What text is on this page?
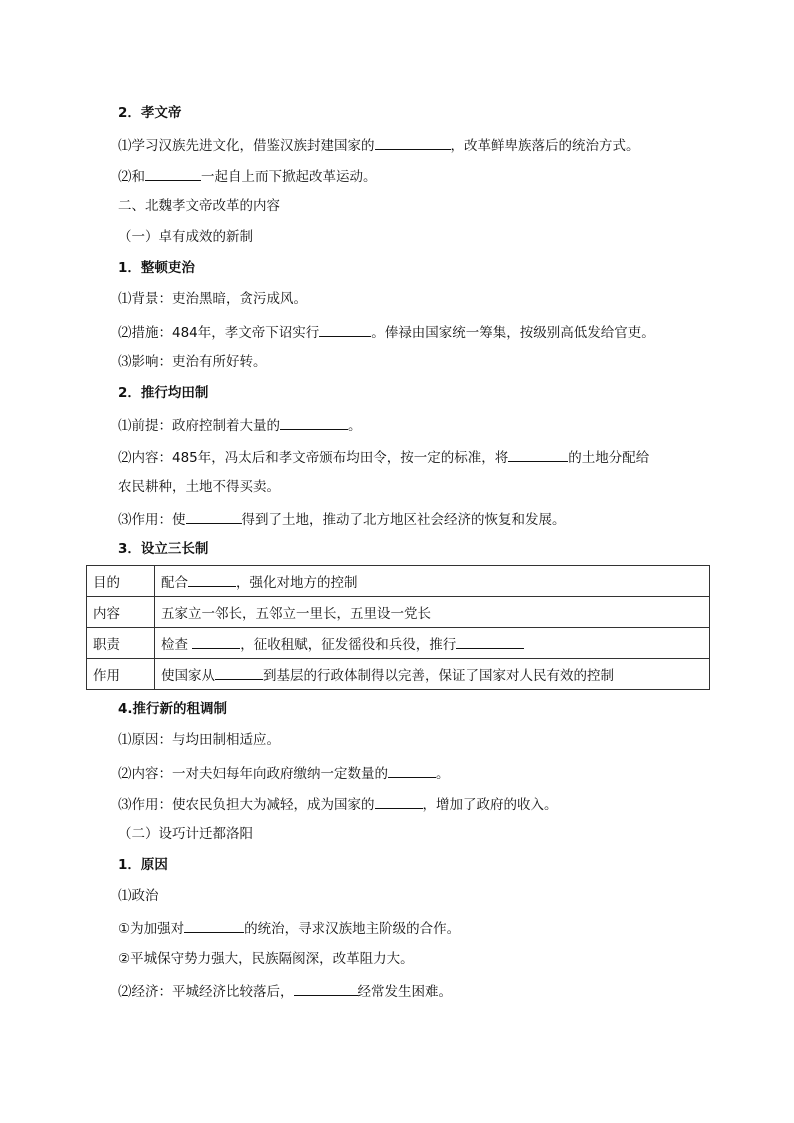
2．孝文帝
⑴学习汉族先进文化，借鉴汉族封建国家的	，改革鲜卑族落后的统治方式。
⑵和	一起自上而下掀起改革运动。
二、北魏孝文帝改革的内容
（一）卓有成效的新制
1．整顿吏治
⑴背景：吏治黑暗，贪污成风。
⑵措施：484年，孝文帝下诏实行	。俸禄由国家统一筹集，按级别高低发给官吏。
⑶影响：吏治有所好转。
2．推行均田制
⑴前提：政府控制着大量的	。
⑵内容：485年，冯太后和孝文帝颁布均田令，按一定的标准，将	的土地分配给
农民耕种，土地不得买卖。
⑶作用：使	得到了土地，推动了北方地区社会经济的恢复和发展。
3．设立三长制
目的	配合 ，强化对地方的控制
内容	五家立一邻长，五邻立一里长，五里设一党长
职责	检查 ，征收租赋，征发徭役和兵役，推行
作用	使国家从 到基层的行政体制得以完善，保证了国家对人民有效的控制
4.推行新的租调制
⑴原因：与均田制相适应。
⑵内容：一对夫妇每年向政府缴纳一定数量的	。
⑶作用：使农民负担大为减轻，成为国家的	，增加了政府的收入。
（二）设巧计迁都洛阳
1．原因
⑴政治
①为加强对	的统治，寻求汉族地主阶级的合作。
②平城保守势力强大，民族隔阂深，改革阻力大。
⑵经济：平城经济比较落后，	经常发生困难。
